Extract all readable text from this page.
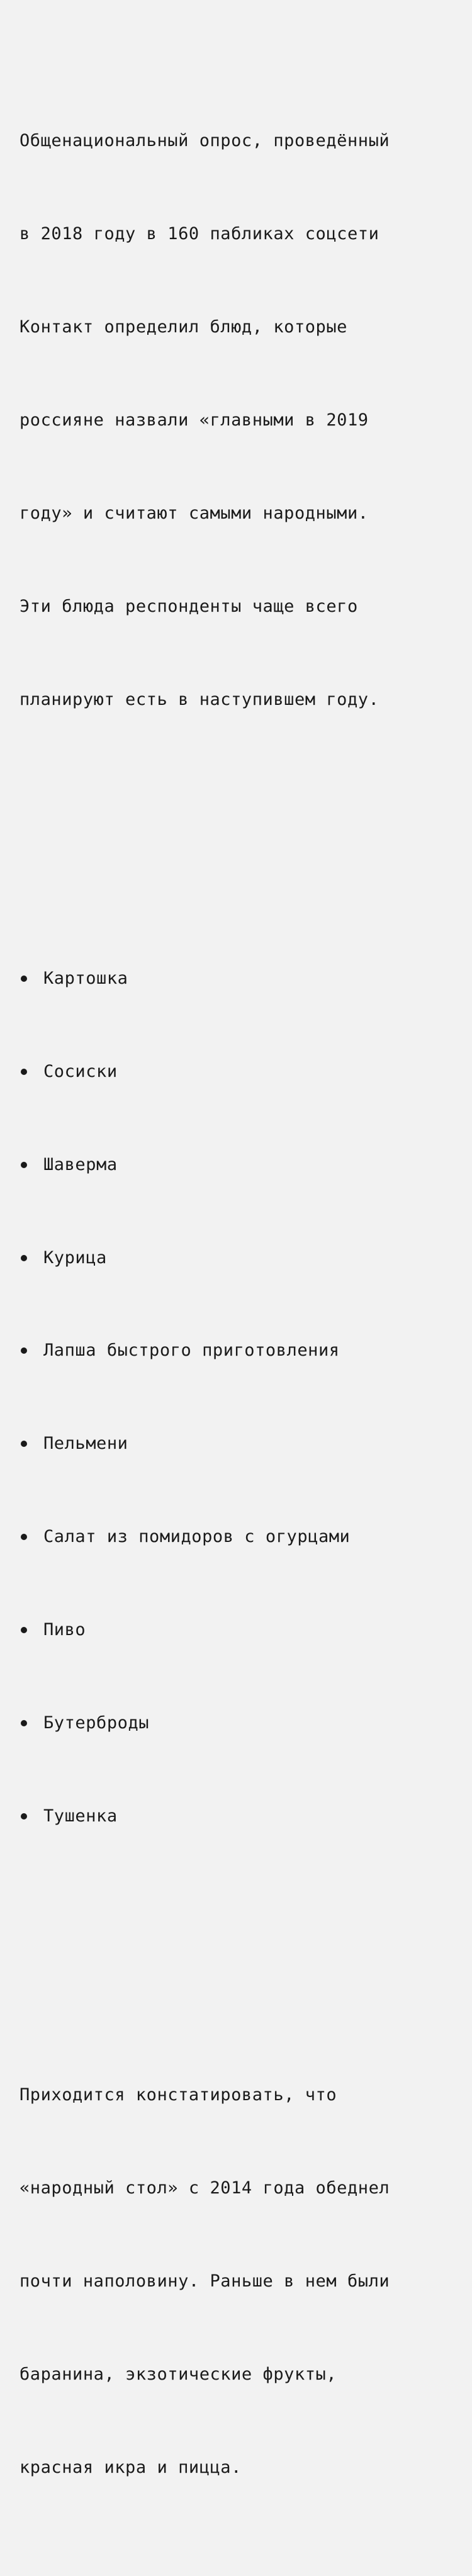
Общенациональный опрос, проведённый

в 2018 году в 160 пабликах соцсети

Контакт определил блюд, которые

россияне назвали «главными в 2019

году» и считают самыми народными.

Эти блюда респонденты чаще всего

планируют есть в наступившем году.

Картошка

Сосиски

Шаверма

Курица

Лапша быстрого приготовления

Пельмени

Салат из помидоров с огурцами

Пиво

Бутерброды

Тушенка

Приходится констатировать, что

«народный стол» с 2014 года обеднел

почти наполовину. Раньше в нем были

баранина, экзотические фрукты,

красная икра и пицца.
